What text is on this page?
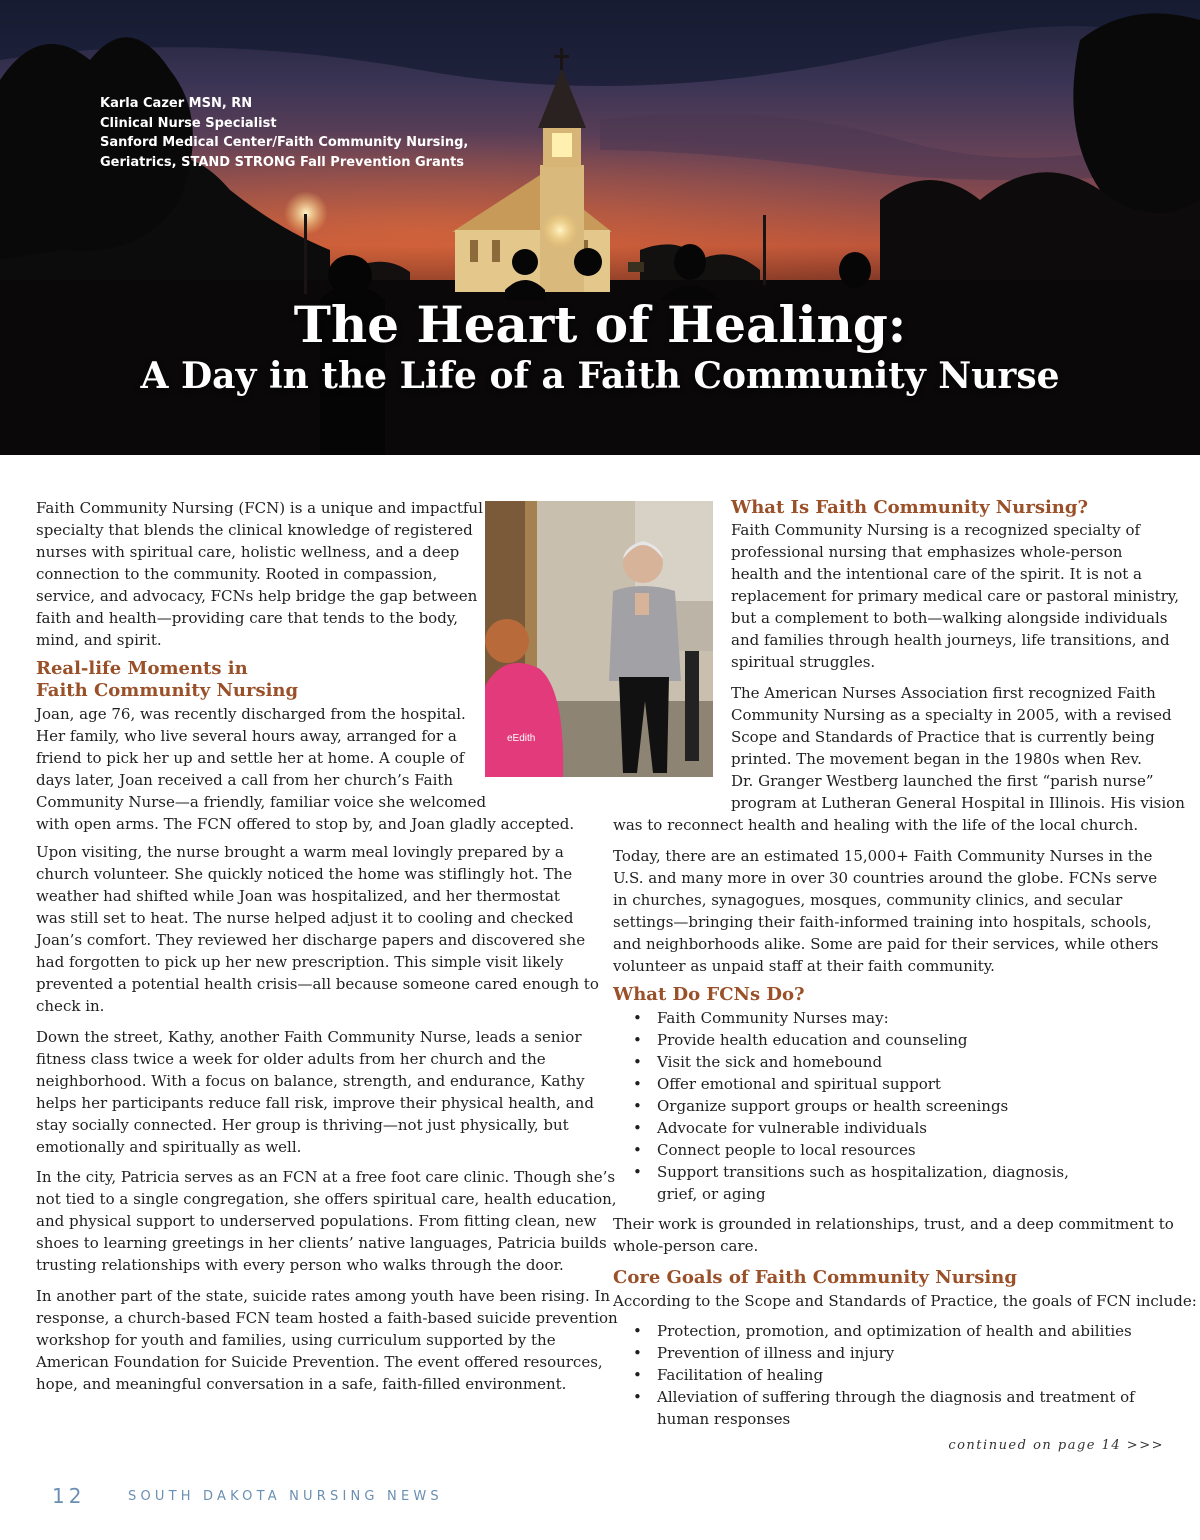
Karla Cazer MSN, RN
Clinical Nurse Specialist
Sanford Medical Center/Faith Community Nursing,
Geriatrics, STAND STRONG Fall Prevention Grants
The Heart of Healing:
A Day in the Life of a Faith Community Nurse
Faith Community Nursing (FCN) is a unique and impactful
specialty that blends the clinical knowledge of registered
nurses with spiritual care, holistic wellness, and a deep
connection to the community. Rooted in compassion,
service, and advocacy, FCNs help bridge the gap between
faith and health—providing care that tends to the body,
mind, and spirit.
Real-life Moments in
Faith Community Nursing
Joan, age 76, was recently discharged from the hospital.
Her family, who live several hours away, arranged for a
friend to pick her up and settle her at home. A couple of
days later, Joan received a call from her church’s Faith
Community Nurse—a friendly, familiar voice she welcomed
with open arms. The FCN offered to stop by, and Joan gladly accepted.
eEdith
Upon visiting, the nurse brought a warm meal lovingly prepared by a
church volunteer. She quickly noticed the home was stiflingly hot. The
weather had shifted while Joan was hospitalized, and her thermostat
was still set to heat. The nurse helped adjust it to cooling and checked
Joan’s comfort. They reviewed her discharge papers and discovered she
had forgotten to pick up her new prescription. This simple visit likely
prevented a potential health crisis—all because someone cared enough to
check in.
Down the street, Kathy, another Faith Community Nurse, leads a senior
fitness class twice a week for older adults from her church and the
neighborhood. With a focus on balance, strength, and endurance, Kathy
helps her participants reduce fall risk, improve their physical health, and
stay socially connected. Her group is thriving—not just physically, but
emotionally and spiritually as well.
In the city, Patricia serves as an FCN at a free foot care clinic. Though she’s
not tied to a single congregation, she offers spiritual care, health education,
and physical support to underserved populations. From fitting clean, new
shoes to learning greetings in her clients’ native languages, Patricia builds
trusting relationships with every person who walks through the door.
In another part of the state, suicide rates among youth have been rising. In
response, a church-based FCN team hosted a faith-based suicide prevention
workshop for youth and families, using curriculum supported by the
American Foundation for Suicide Prevention. The event offered resources,
hope, and meaningful conversation in a safe, faith-filled environment.
What Is Faith Community Nursing?
Faith Community Nursing is a recognized specialty of
professional nursing that emphasizes whole-person
health and the intentional care of the spirit. It is not a
replacement for primary medical care or pastoral ministry,
but a complement to both—walking alongside individuals
and families through health journeys, life transitions, and
spiritual struggles.
The American Nurses Association first recognized Faith
Community Nursing as a specialty in 2005, with a revised
Scope and Standards of Practice that is currently being
printed. The movement began in the 1980s when Rev.
Dr. Granger Westberg launched the first “parish nurse”
program at Lutheran General Hospital in Illinois. His vision
was to reconnect health and healing with the life of the local church.
Today, there are an estimated 15,000+ Faith Community Nurses in the
U.S. and many more in over 30 countries around the globe. FCNs serve
in churches, synagogues, mosques, community clinics, and secular
settings—bringing their faith-informed training into hospitals, schools,
and neighborhoods alike. Some are paid for their services, while others
volunteer as unpaid staff at their faith community.
What Do FCNs Do?
• Faith Community Nurses may:
• Provide health education and counseling
• Visit the sick and homebound
• Offer emotional and spiritual support
• Organize support groups or health screenings
• Advocate for vulnerable individuals
• Connect people to local resources
• Support transitions such as hospitalization, diagnosis,
grief, or aging
Their work is grounded in relationships, trust, and a deep commitment to
whole-person care.
Core Goals of Faith Community Nursing
According to the Scope and Standards of Practice, the goals of FCN include:
• Protection, promotion, and optimization of health and abilities
• Prevention of illness and injury
• Facilitation of healing
• Alleviation of suffering through the diagnosis and treatment of
human responses
continued on page 14 >>>
12	SOUTH DAKOTA NURSING NEWS
